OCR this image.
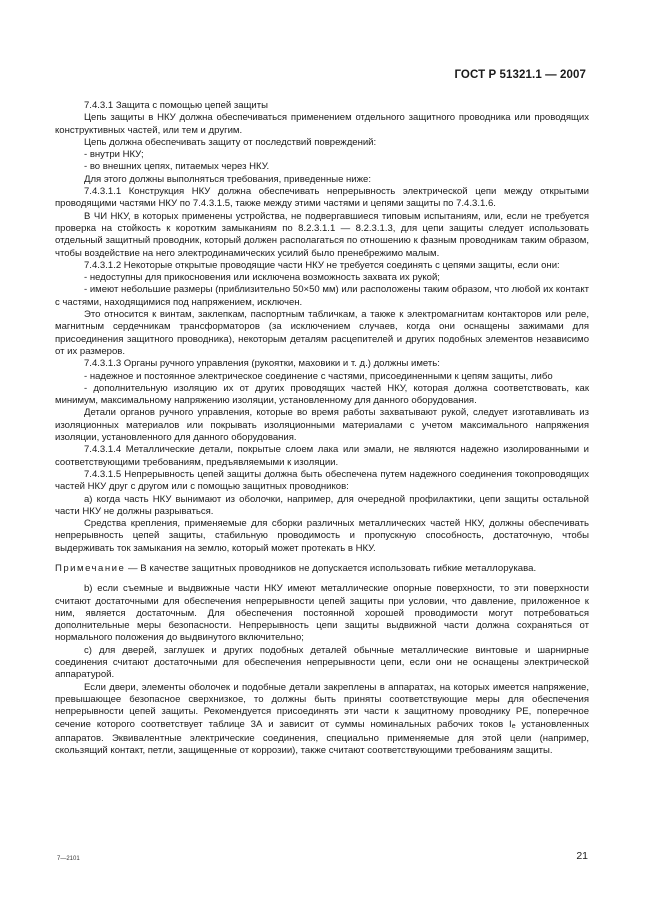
ГОСТ Р 51321.1 — 2007

7.4.3.1 Защита с помощью цепей защиты

Цепь защиты в НКУ должна обеспечиваться применением отдельного защитного проводника или проводящих конструктивных частей, или тем и другим.

Цепь должна обеспечивать защиту от последствий повреждений:

- внутри НКУ;

- во внешних цепях, питаемых через НКУ.

Для этого должны выполняться требования, приведенные ниже:

7.4.3.1.1 Конструкция НКУ должна обеспечивать непрерывность электрической цепи между открытыми проводящими частями НКУ по 7.4.3.1.5, также между этими частями и цепями защиты по 7.4.3.1.6.

В ЧИ НКУ, в которых применены устройства, не подвергавшиеся типовым испытаниям, или, если не требуется проверка на стойкость к коротким замыканиям по 8.2.3.1.1 — 8.2.3.1.3, для цепи защиты следует использовать отдельный защитный проводник, который должен располагаться по отношению к фазным проводникам таким образом, чтобы воздействие на него электродинамических усилий было пренебрежимо малым.

7.4.3.1.2 Некоторые открытые проводящие части НКУ не требуется соединять с цепями защиты, если они:

- недоступны для прикосновения или исключена возможность захвата их рукой;

- имеют небольшие размеры (приблизительно 50×50 мм) или расположены таким образом, что любой их контакт с частями, находящимися под напряжением, исключен.

Это относится к винтам, заклепкам, паспортным табличкам, а также к электромагнитам контакторов или реле, магнитным сердечникам трансформаторов (за исключением случаев, когда они оснащены зажимами для присоединения защитного проводника), некоторым деталям расцепителей и других подобных элементов независимо от их размеров.

7.4.3.1.3 Органы ручного управления (рукоятки, маховики и т. д.) должны иметь:

- надежное и постоянное электрическое соединение с частями, присоединенными к цепям защиты, либо

- дополнительную изоляцию их от других проводящих частей НКУ, которая должна соответствовать, как минимум, максимальному напряжению изоляции, установленному для данного оборудования.

Детали органов ручного управления, которые во время работы захватывают рукой, следует изготавливать из изоляционных материалов или покрывать изоляционными материалами с учетом максимального напряжения изоляции, установленного для данного оборудования.

7.4.3.1.4 Металлические детали, покрытые слоем лака или эмали, не являются надежно изолированными и соответствующими требованиям, предъявляемыми к изоляции.

7.4.3.1.5 Непрерывность цепей защиты должна быть обеспечена путем надежного соединения токопроводящих частей НКУ друг с другом или с помощью защитных проводников:

а) когда часть НКУ вынимают из оболочки, например, для очередной профилактики, цепи защиты остальной части НКУ не должны разрываться.

Средства крепления, применяемые для сборки различных металлических частей НКУ, должны обеспечивать непрерывность цепей защиты, стабильную проводимость и пропускную способность, достаточную, чтобы выдерживать ток замыкания на землю, который может протекать в НКУ.

Примечание — В качестве защитных проводников не допускается использовать гибкие металлорукава.

b) если съемные и выдвижные части НКУ имеют металлические опорные поверхности, то эти поверхности считают достаточными для обеспечения непрерывности цепей защиты при условии, что давление, приложенное к ним, является достаточным. Для обеспечения постоянной хорошей проводимости могут потребоваться дополнительные меры безопасности. Непрерывность цепи защиты выдвижной части должна сохраняться от нормального положения до выдвинутого включительно;

c) для дверей, заглушек и других подобных деталей обычные металлические винтовые и шарнирные соединения считают достаточными для обеспечения непрерывности цепи, если они не оснащены электрической аппаратурой.

Если двери, элементы оболочек и подобные детали закреплены в аппаратах, на которых имеется напряжение, превышающее безопасное сверхнизкое, то должны быть приняты соответствующие меры для обеспечения непрерывности цепей защиты. Рекомендуется присоединять эти части к защитному проводнику РЕ, поперечное сечение которого соответствует таблице 3А и зависит от суммы номинальных рабочих токов Ie установленных аппаратов. Эквивалентные электрические соединения, специально применяемые для этой цели (например, скользящий контакт, петли, защищенные от коррозии), также считают соответствующими требованиям защиты.

7—2101	21
